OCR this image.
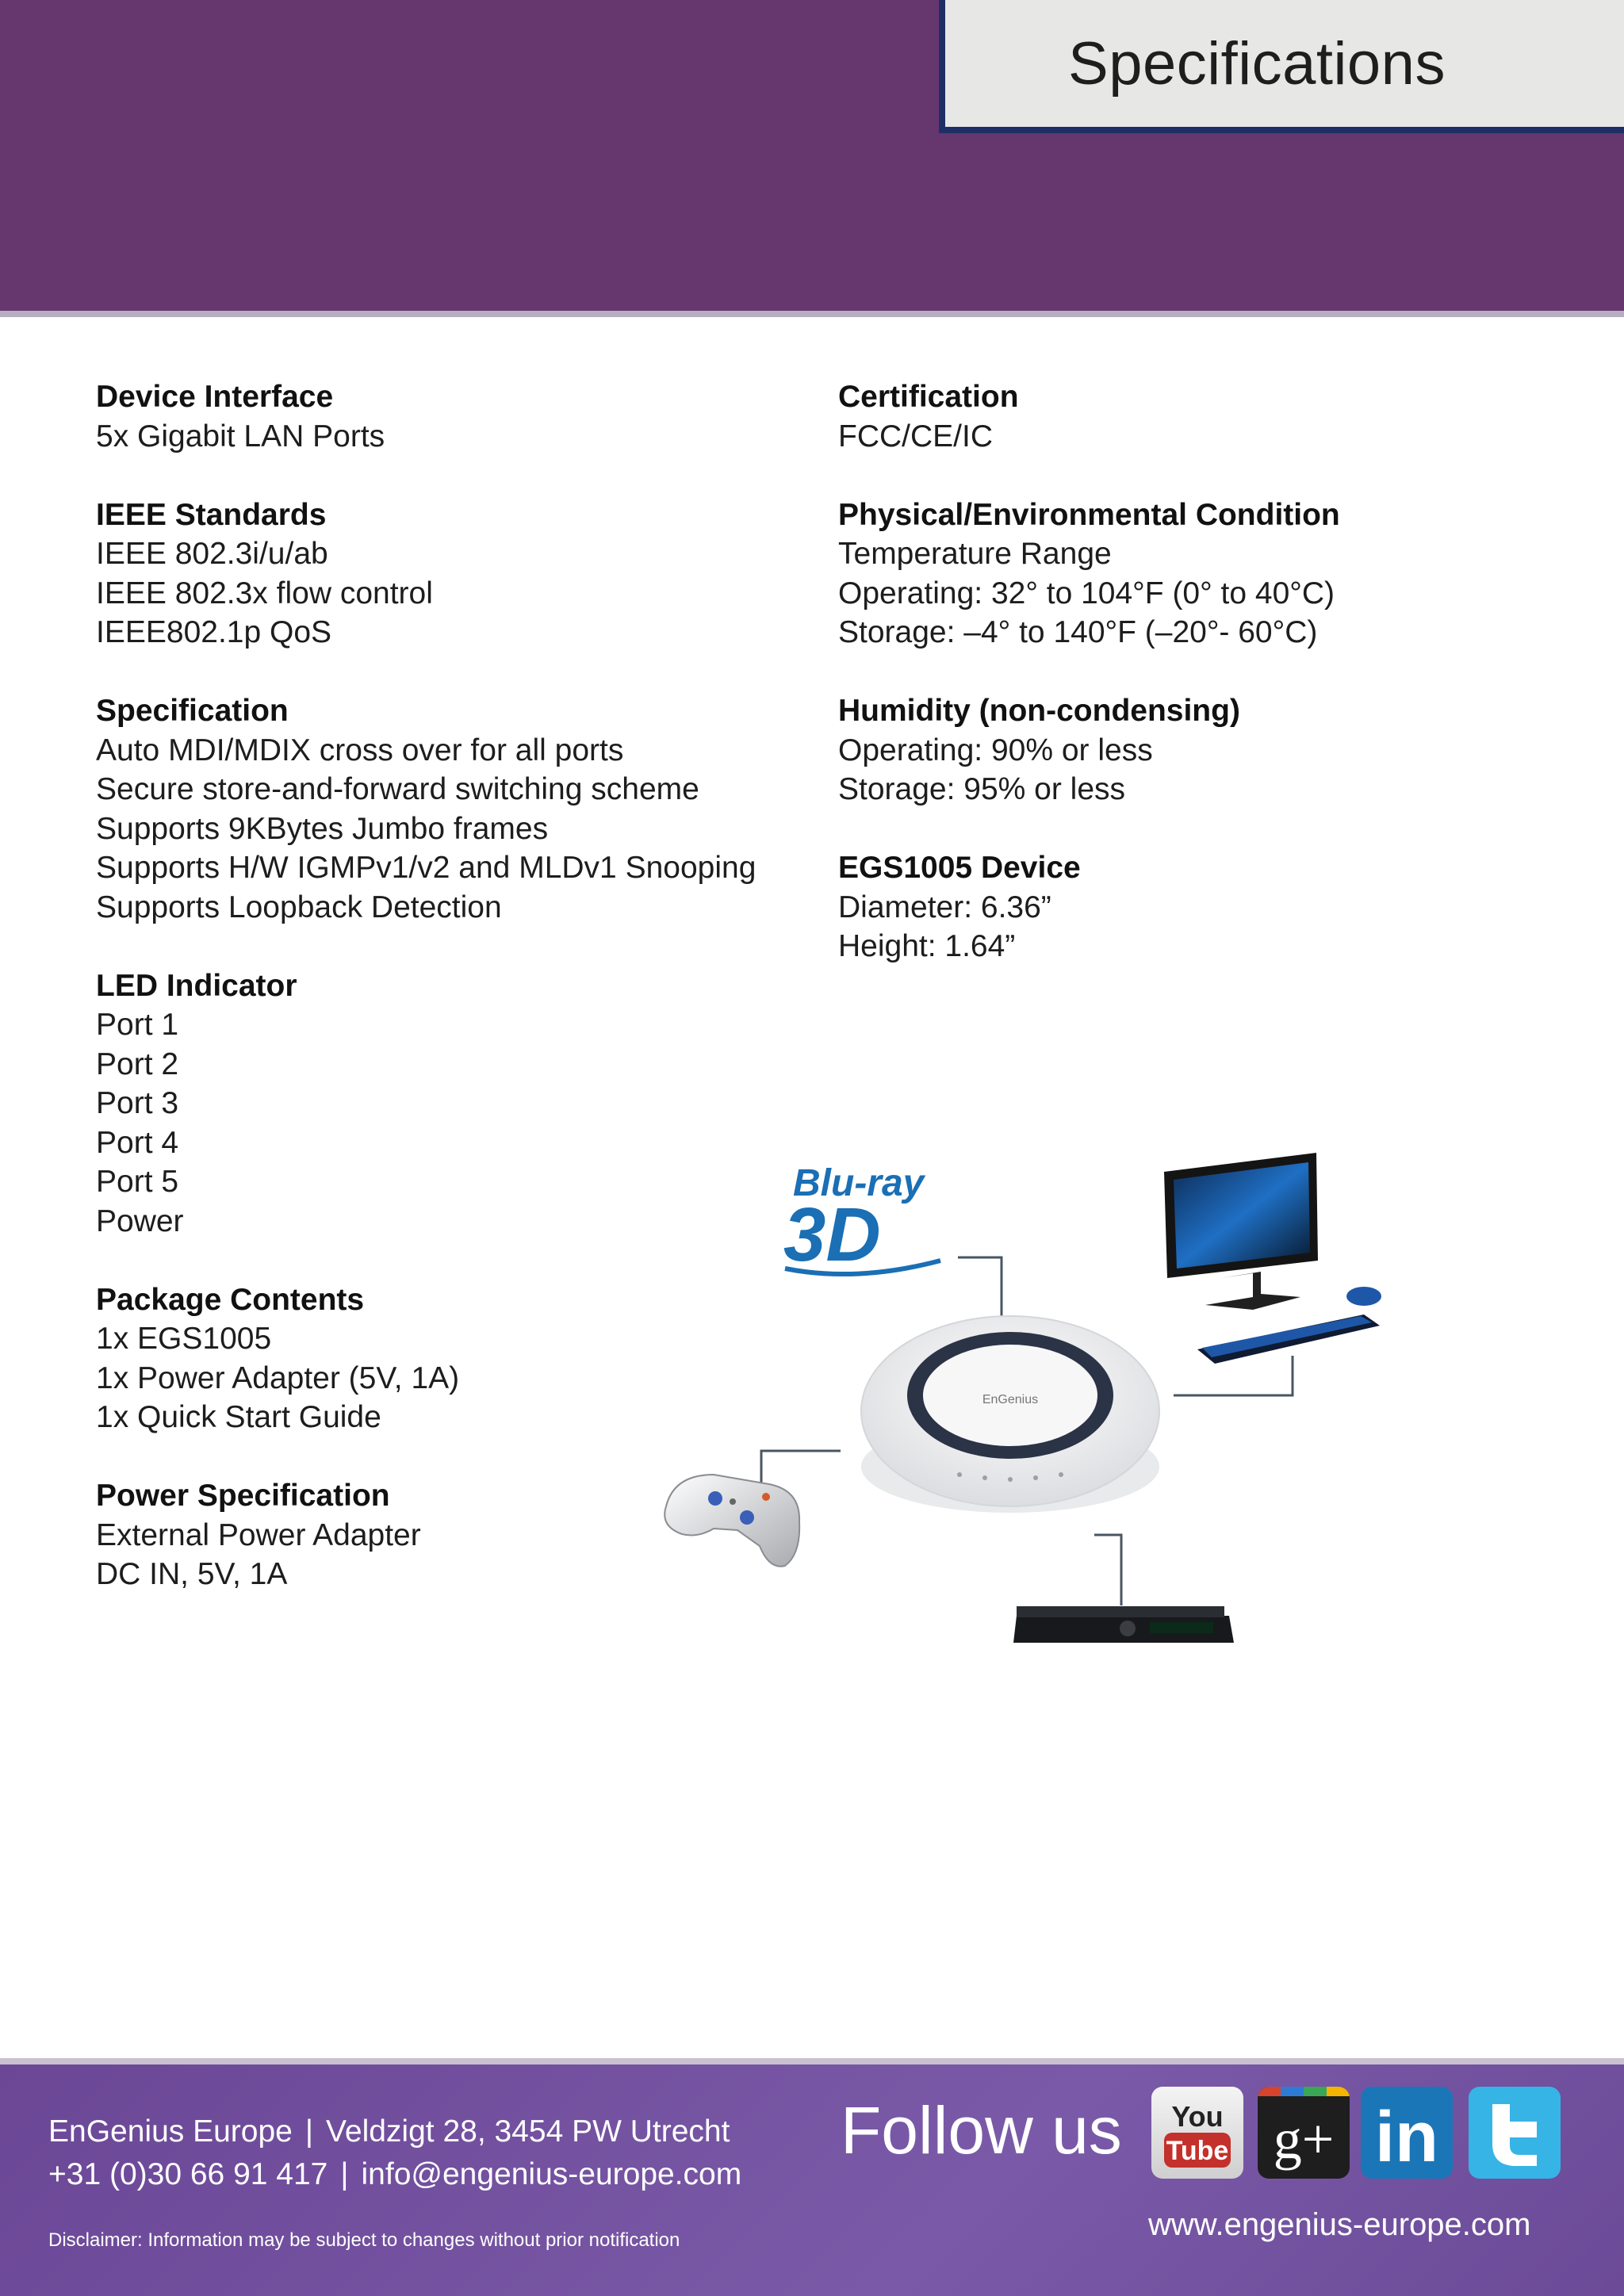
Specifications
Device Interface
5x Gigabit LAN Ports
IEEE Standards
IEEE 802.3i/u/ab
IEEE 802.3x flow control
IEEE802.1p QoS
Specification
Auto MDI/MDIX cross over for all ports
Secure store-and-forward switching scheme
Supports 9KBytes Jumbo frames
Supports H/W IGMPv1/v2 and MLDv1 Snooping
Supports Loopback Detection
LED Indicator
Port 1
Port 2
Port 3
Port 4
Port 5
Power
Package Contents
1x EGS1005
1x Power Adapter (5V, 1A)
1x Quick Start Guide
Power Specification
External Power Adapter
DC IN, 5V, 1A
Certification
FCC/CE/IC
Physical/Environmental Condition
Temperature Range
Operating: 32° to 104°F (0° to 40°C)
Storage: –4° to 140°F (–20°- 60°C)
Humidity (non-condensing)
Operating: 90% or less
Storage: 95% or less
EGS1005 Device
Diameter: 6.36”
Height: 1.64”
Blu-ray
3D
EnGenius
EnGenius Europe | Veldzigt 28, 3454 PW Utrecht
+31 (0)30 66 91 417 | info@engenius-europe.com
Disclaimer: Information may be subject to changes without prior notification
Follow us
www.engenius-europe.com
You
Tube g+ in
